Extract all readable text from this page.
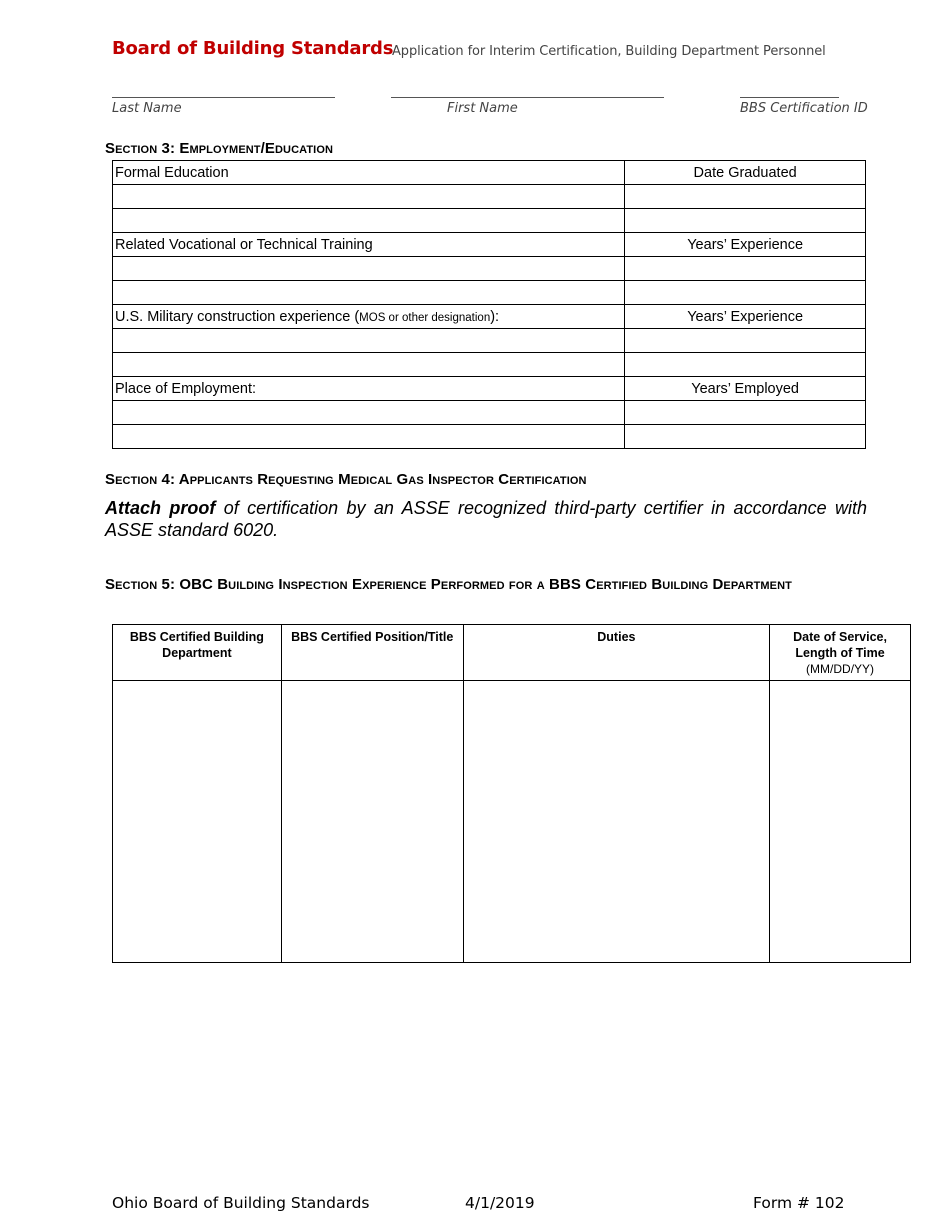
Board of Building Standards
Application for Interim Certification, Building Department Personnel
Last Name	First Name	BBS Certification ID
Section 3: Employment/Education
Formal Education	Date Graduated

Related Vocational or Technical Training	Years’ Experience

U.S. Military construction experience (MOS or other designation):	Years’ Experience

Place of Employment:	Years’ Employed

Section 4: Applicants Requesting Medical Gas Inspector Certification
Attach proof of certification by an ASSE recognized third-party certifier in accordance with ASSE standard 6020.
Section 5: OBC Building Inspection Experience Performed for a BBS Certified Building Department
BBS Certified Building Department	BBS Certified Position/Title	Duties	Date of Service, Length of Time
(MM/DD/YY)

Ohio Board of Building Standards	4/1/2019	Form # 102
